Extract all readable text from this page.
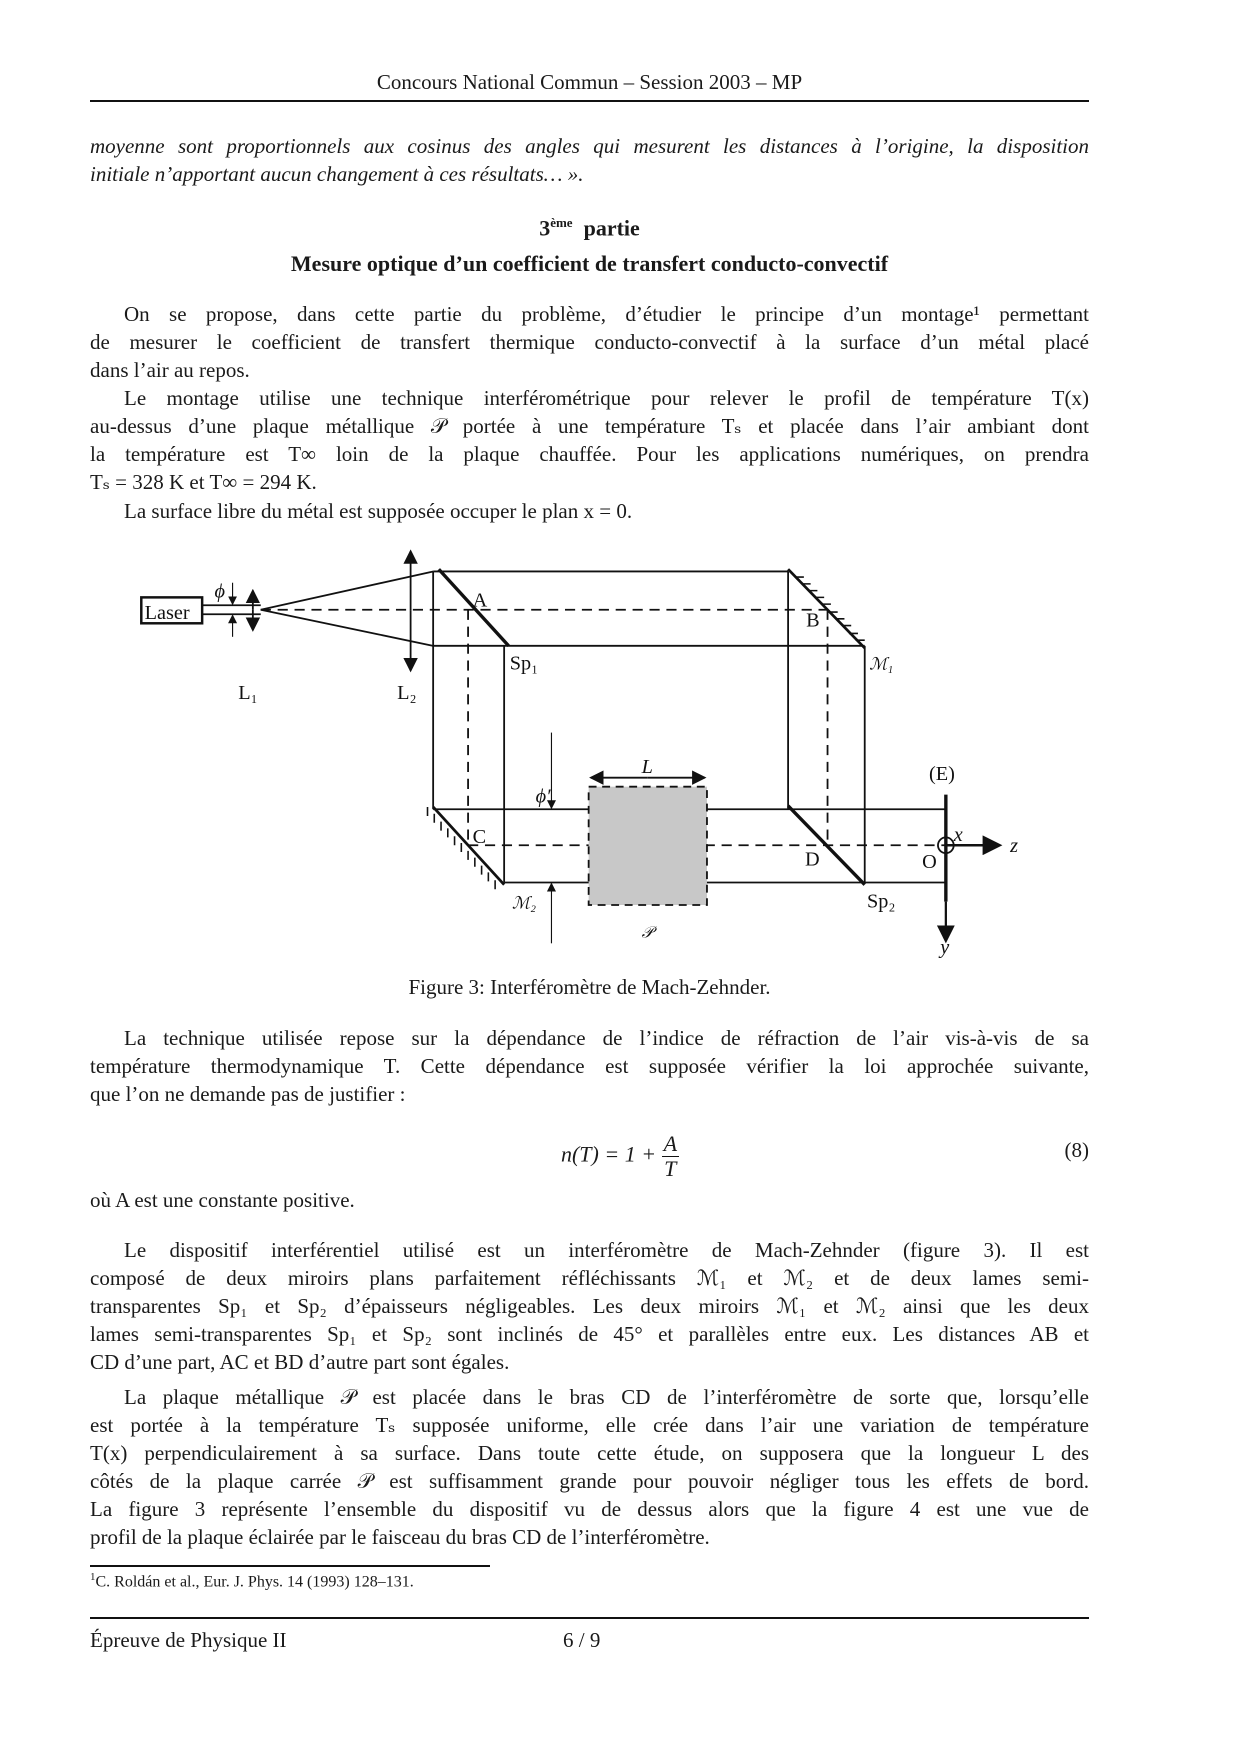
Concours National Commun – Session 2003 – MP
moyenne sont proportionnels aux cosinus des angles qui mesurent les distances à l’origine, la disposition
initiale n’apportant aucun changement à ces résultats… ».
3ème partie
Mesure optique d’un coefficient de transfert conducto-convectif
On se propose, dans cette partie du problème, d’étudier le principe d’un montage¹ permettant
de mesurer le coefficient de transfert thermique conducto-convectif à la surface d’un métal placé
dans l’air au repos.
Le montage utilise une technique interférométrique pour relever le profil de température T(x)
au-dessus d’une plaque métallique 𝒫 portée à une température Tₛ et placée dans l’air ambiant dont
la température est T∞ loin de la plaque chauffée. Pour les applications numériques, on prendra
Tₛ = 328 K et T∞ = 294 K.
La surface libre du métal est supposée occuper le plan x = 0.
Laser
ϕ
L₁	L₂
A
B
C
D
Sp₁
Sp₂
ℳ₁
ℳ₂
L
ϕ′
𝒫
(E)
O
x
y
z
Figure 3: Interféromètre de Mach-Zehnder.
La technique utilisée repose sur la dépendance de l’indice de réfraction de l’air vis-à-vis de sa
température thermodynamique T. Cette dépendance est supposée vérifier la loi approchée suivante,
que l’on ne demande pas de justifier :
$n(T) = 1 + \frac{A}{T}$	(8)
où A est une constante positive.
Le dispositif interférentiel utilisé est un interféromètre de Mach-Zehnder (figure 3). Il est
composé de deux miroirs plans parfaitement réfléchissants ℳ₁ et ℳ₂ et de deux lames semi-
transparentes Sp₁ et Sp₂ d’épaisseurs négligeables. Les deux miroirs ℳ₁ et ℳ₂ ainsi que les deux
lames semi-transparentes Sp₁ et Sp₂ sont inclinés de 45° et parallèles entre eux. Les distances AB et
CD d’une part, AC et BD d’autre part sont égales.
La plaque métallique 𝒫 est placée dans le bras CD de l’interféromètre de sorte que, lorsqu’elle
est portée à la température Tₛ supposée uniforme, elle crée dans l’air une variation de température
T(x) perpendiculairement à sa surface. Dans toute cette étude, on supposera que la longueur L des
côtés de la plaque carrée 𝒫 est suffisamment grande pour pouvoir négliger tous les effets de bord.
La figure 3 représente l’ensemble du dispositif vu de dessus alors que la figure 4 est une vue de
profil de la plaque éclairée par le faisceau du bras CD de l’interféromètre.
$^1$C. Roldán et al., Eur. J. Phys. 14 (1993) 128–131.
Épreuve de Physique II	6 / 9
